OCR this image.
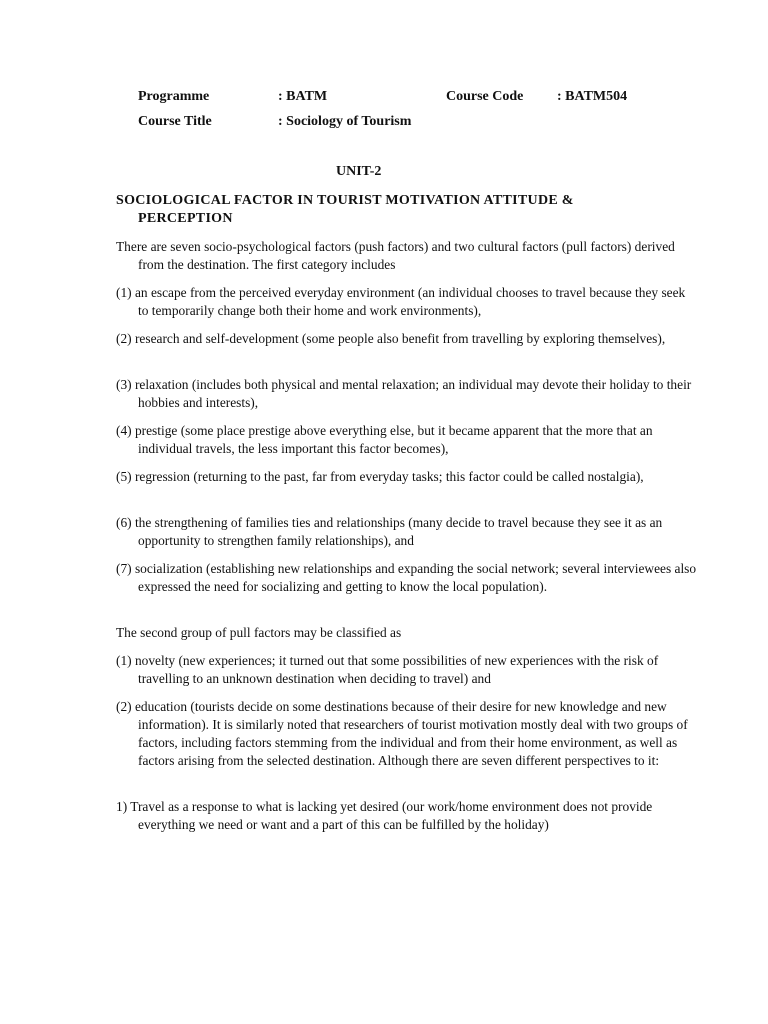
Programme	: BATM	Course Code : BATM504
Course Title	: Sociology of Tourism
UNIT-2

SOCIOLOGICAL FACTOR IN TOURIST MOTIVATION ATTITUDE & PERCEPTION

There are seven socio-psychological factors (push factors) and two cultural factors (pull factors) derived from the destination. The first category includes

(1) an escape from the perceived everyday environment (an individual chooses to travel because they seek to temporarily change both their home and work environments),

(2) research and self-development (some people also benefit from travelling by exploring themselves),

(3) relaxation (includes both physical and mental relaxation; an individual may devote their holiday to their hobbies and interests),

(4) prestige (some place prestige above everything else, but it became apparent that the more that an individual travels, the less important this factor becomes),

(5) regression (returning to the past, far from everyday tasks; this factor could be called nostalgia),

(6) the strengthening of families ties and relationships (many decide to travel because they see it as an opportunity to strengthen family relationships), and

(7) socialization (establishing new relationships and expanding the social network; several interviewees also expressed the need for socializing and getting to know the local population).

The second group of pull factors may be classified as

(1) novelty (new experiences; it turned out that some possibilities of new experiences with the risk of travelling to an unknown destination when deciding to travel) and

(2) education (tourists decide on some destinations because of their desire for new knowledge and new information). It is similarly noted that researchers of tourist motivation mostly deal with two groups of factors, including factors stemming from the individual and from their home environment, as well as factors arising from the selected destination. Although there are seven different perspectives to it:

1) Travel as a response to what is lacking yet desired (our work/home environment does not provide everything we need or want and a part of this can be fulfilled by the holiday)
